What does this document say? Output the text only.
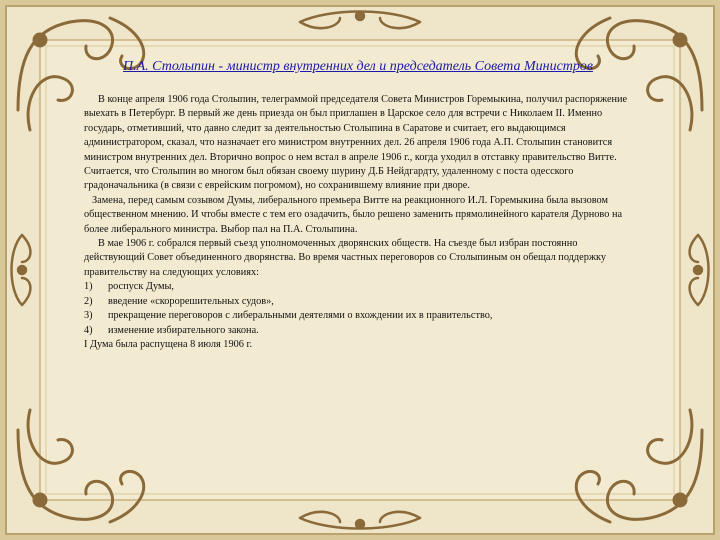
П.А. Столыпин - министр внутренних дел и председатель Совета Министров

В конце апреля 1906 года Столыпин, телеграммой председателя Совета Министров Горемыкина, получил распоряжение выехать в Петербург. В первый же день приезда он был приглашен в Царское село для встречи с Николаем II. Именно государь, отметивший, что давно следит за деятельностью Столыпина в Саратове и считает, его выдающимся администратором, сказал, что назначает его министром внутренних дел. 26 апреля 1906 года А.П. Столыпин становится министром внутренних дел. Вторично вопрос о нем встал в апреле 1906 г., когда уходил в отставку правительство Витте. Считается, что Столыпин во многом был обязан своему шурину Д.Б Нейдгардту, удаленному с поста одесского градоначальника (в связи с еврейским погромом), но сохранившему влияние при дворе.

Замена, перед самым созывом Думы, либерального премьера Витте на реакционного И.Л. Горемыкина была вызовом общественном мнению. И чтобы вместе с тем его озадачить, было решено заменить прямолинейного карателя Дурново на более либерального министра. Выбор пал на П.А. Столыпина.

В мае 1906 г. собрался первый съезд уполномоченных дворянских обществ. На съезде был избран постоянно действующий Совет объединенного дворянства. Во время частных переговоров со Столыпиным он обещал поддержку правительству на следующих условиях:

1)	роспуск Думы,
2)	введение «скорорешительных судов»,
3)	прекращение переговоров с либеральными деятелями о вхождении их в правительство,
4)	изменение избирательного закона.

I Дума была распущена 8 июля 1906 г.
